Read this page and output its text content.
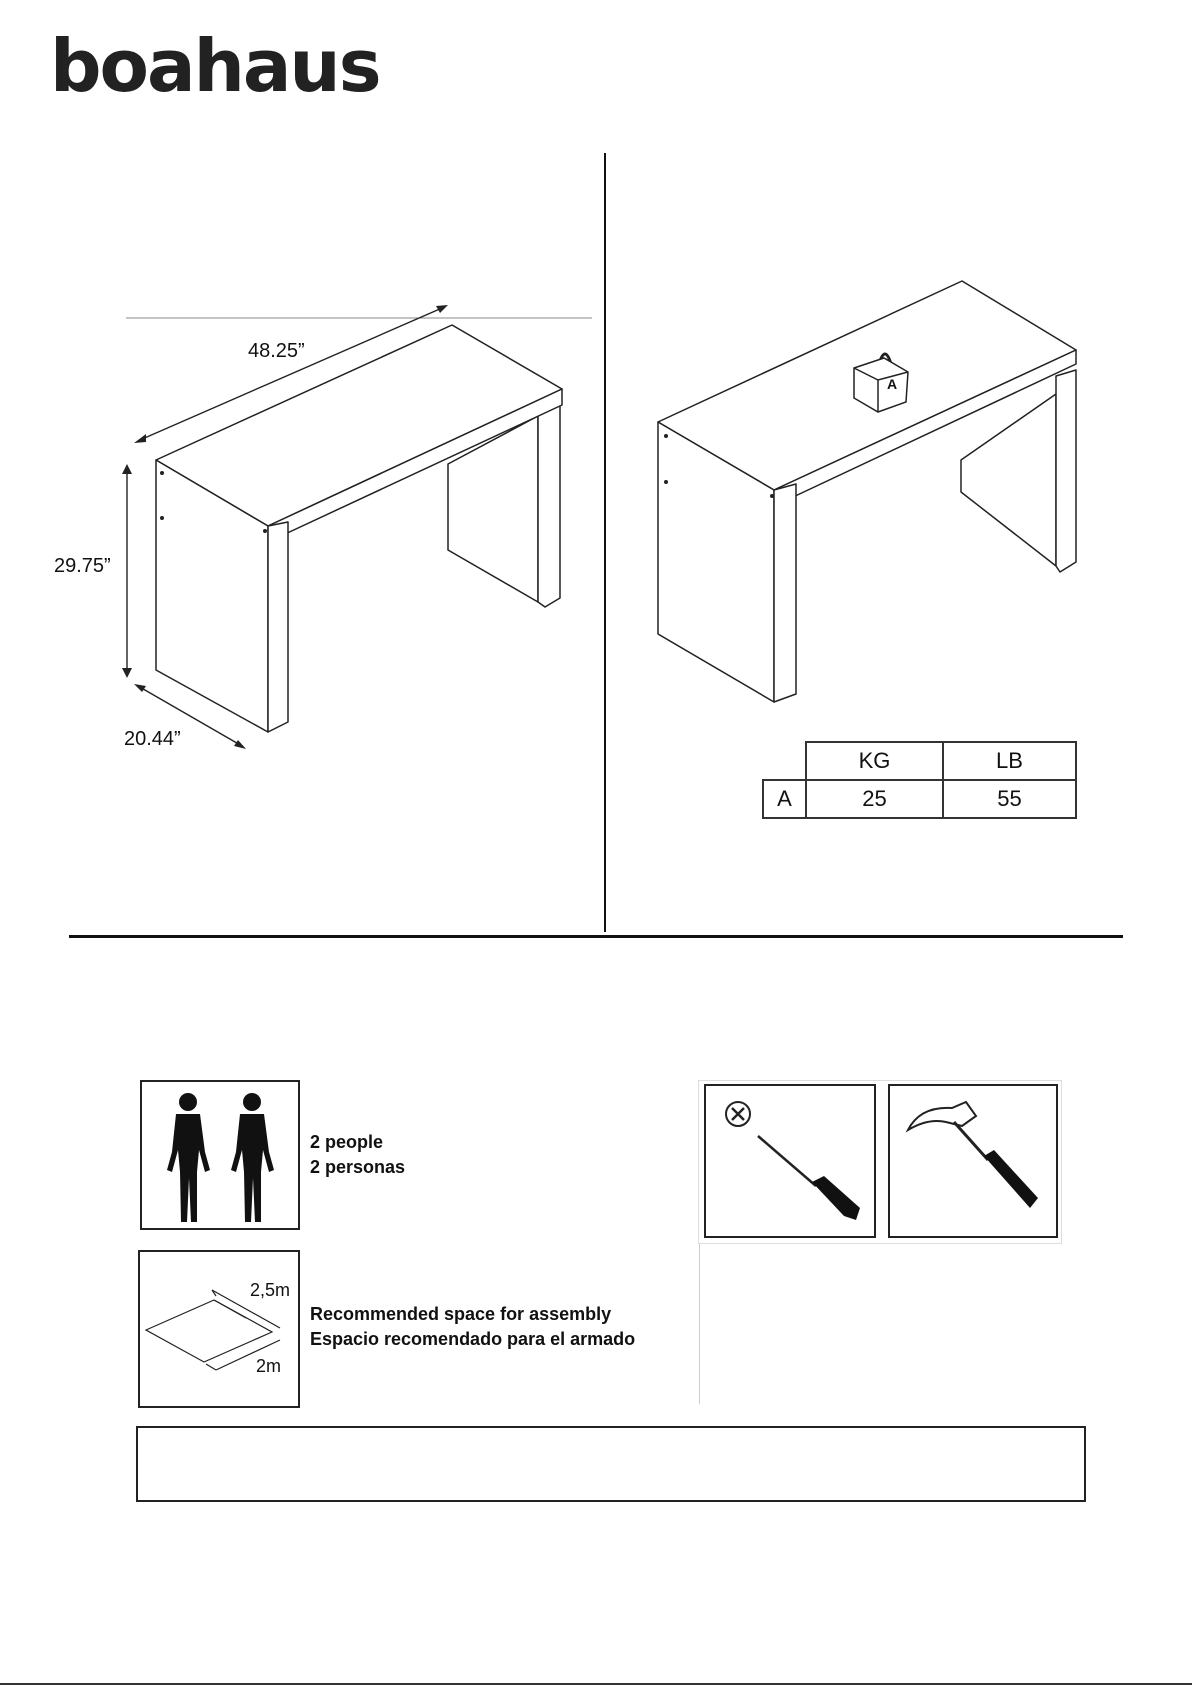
boahaus
48.25”
29.75”
20.44”
A
	KG	LB
A	25	55
2 people
2 personas
2,5m
2m
Recommended space for assembly
Espacio recomendado para el armado
